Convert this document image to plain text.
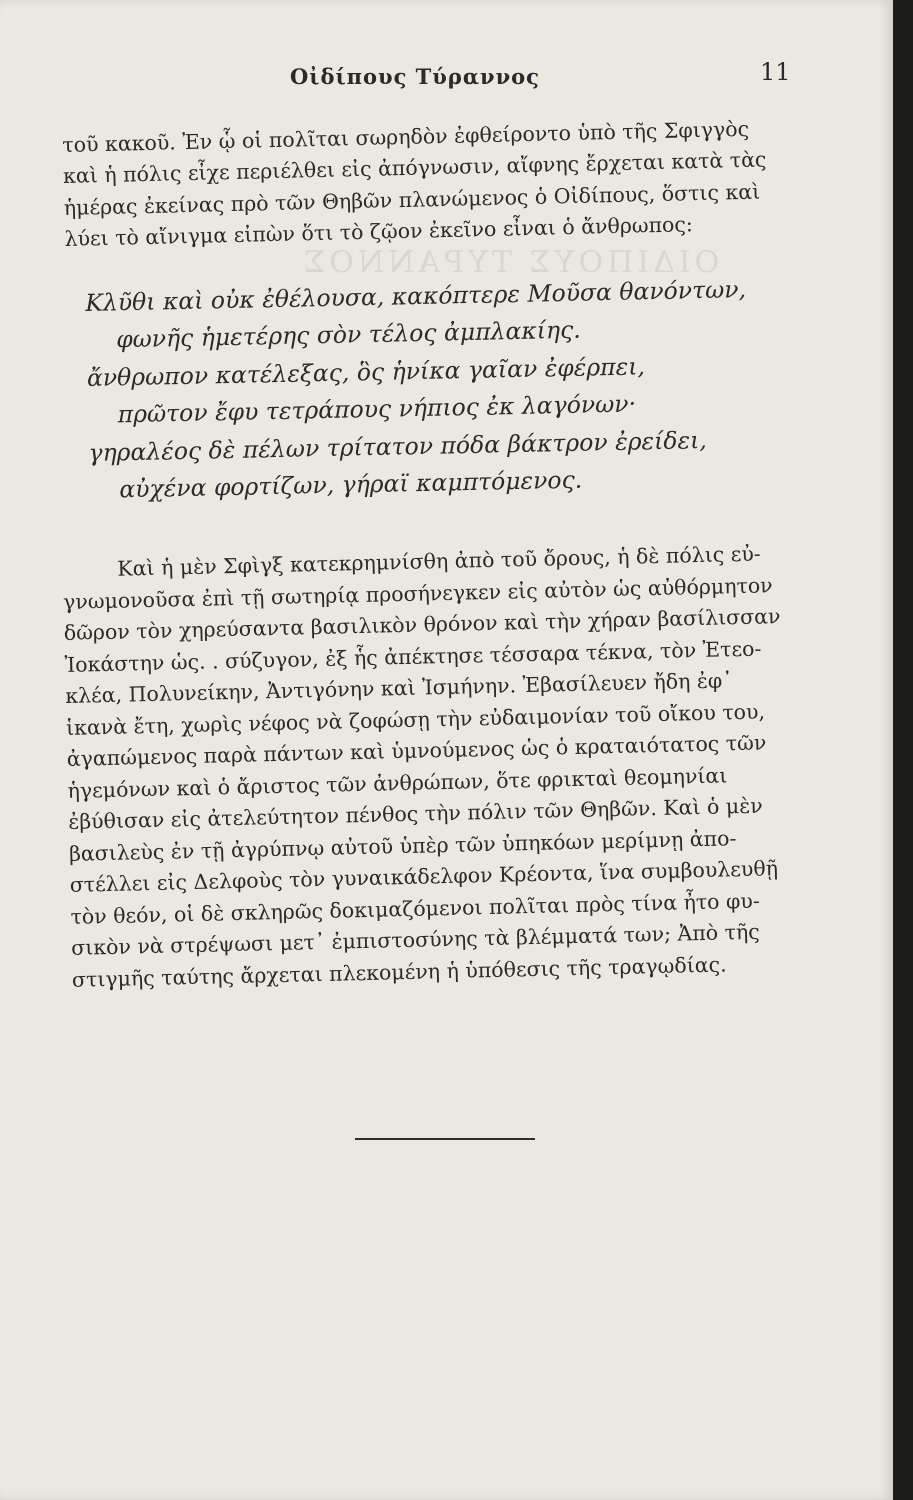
ΟΙΔΙΠΟΥΣ ΤΥΡΑΝΝΟΣ
Οἰδίπους Τύραννος	11
τοῦ κακοῦ. Ἐν ᾧ οἱ πολῖται σωρηδὸν ἐφθείροντο ὑπὸ τῆς Σφιγγὸς
καὶ ἡ πόλις εἶχε περιέλθει εἰς ἀπόγνωσιν, αἴφνης ἔρχεται κατὰ τὰς
ἡμέρας ἐκείνας πρὸ τῶν Θηβῶν πλανώμενος ὁ Οἰδίπους, ὅστις καὶ
λύει τὸ αἴνιγμα εἰπὼν ὅτι τὸ ζῷον ἐκεῖνο εἶναι ὁ ἄνθρωπος:
Κλῦθι καὶ οὐκ ἐθέλουσα, κακόπτερε Μοῦσα θανόντων,
φωνῆς ἡμετέρης σὸν τέλος ἀμπλακίης.
ἄνθρωπον κατέλεξας, ὃς ἡνίκα γαῖαν ἐφέρπει,
πρῶτον ἔφυ τετράπους νήπιος ἐκ λαγόνων·
γηραλέος δὲ πέλων τρίτατον πόδα βάκτρον ἐρείδει,
αὐχένα φορτίζων, γήραϊ καμπτόμενος.
Καὶ ἡ μὲν Σφὶγξ κατεκρημνίσθη ἀπὸ τοῦ ὄρους, ἡ δὲ πόλις εὐ-
γνωμονοῦσα ἐπὶ τῇ σωτηρίᾳ προσήνεγκεν εἰς αὐτὸν ὡς αὐθόρμητον
δῶρον τὸν χηρεύσαντα βασιλικὸν θρόνον καὶ τὴν χήραν βασίλισσαν
Ἰοκάστην ὡς. . σύζυγον, ἐξ ἧς ἀπέκτησε τέσσαρα τέκνα, τὸν Ἐτεο-
κλέα, Πολυνείκην, Ἀντιγόνην καὶ Ἰσμήνην. Ἐβασίλευεν ἤδη ἐφ᾽
ἱκανὰ ἔτη, χωρὶς νέφος νὰ ζοφώσῃ τὴν εὐδαιμονίαν τοῦ οἴκου του,
ἀγαπώμενος παρὰ πάντων καὶ ὑμνούμενος ὡς ὁ κραταιότατος τῶν
ἡγεμόνων καὶ ὁ ἄριστος τῶν ἀνθρώπων, ὅτε φρικταὶ θεομηνίαι
ἐβύθισαν εἰς ἀτελεύτητον πένθος τὴν πόλιν τῶν Θηβῶν. Καὶ ὁ μὲν
βασιλεὺς ἐν τῇ ἀγρύπνῳ αὐτοῦ ὑπὲρ τῶν ὑπηκόων μερίμνῃ ἀπο-
στέλλει εἰς Δελφοὺς τὸν γυναικάδελφον Κρέοντα, ἵνα συμβουλευθῇ
τὸν θεόν, οἱ δὲ σκληρῶς δοκιμαζόμενοι πολῖται πρὸς τίνα ἦτο φυ-
σικὸν νὰ στρέψωσι μετ᾽ ἐμπιστοσύνης τὰ βλέμματά των; Ἀπὸ τῆς
στιγμῆς ταύτης ἄρχεται πλεκομένη ἡ ὑπόθεσις τῆς τραγῳδίας.
